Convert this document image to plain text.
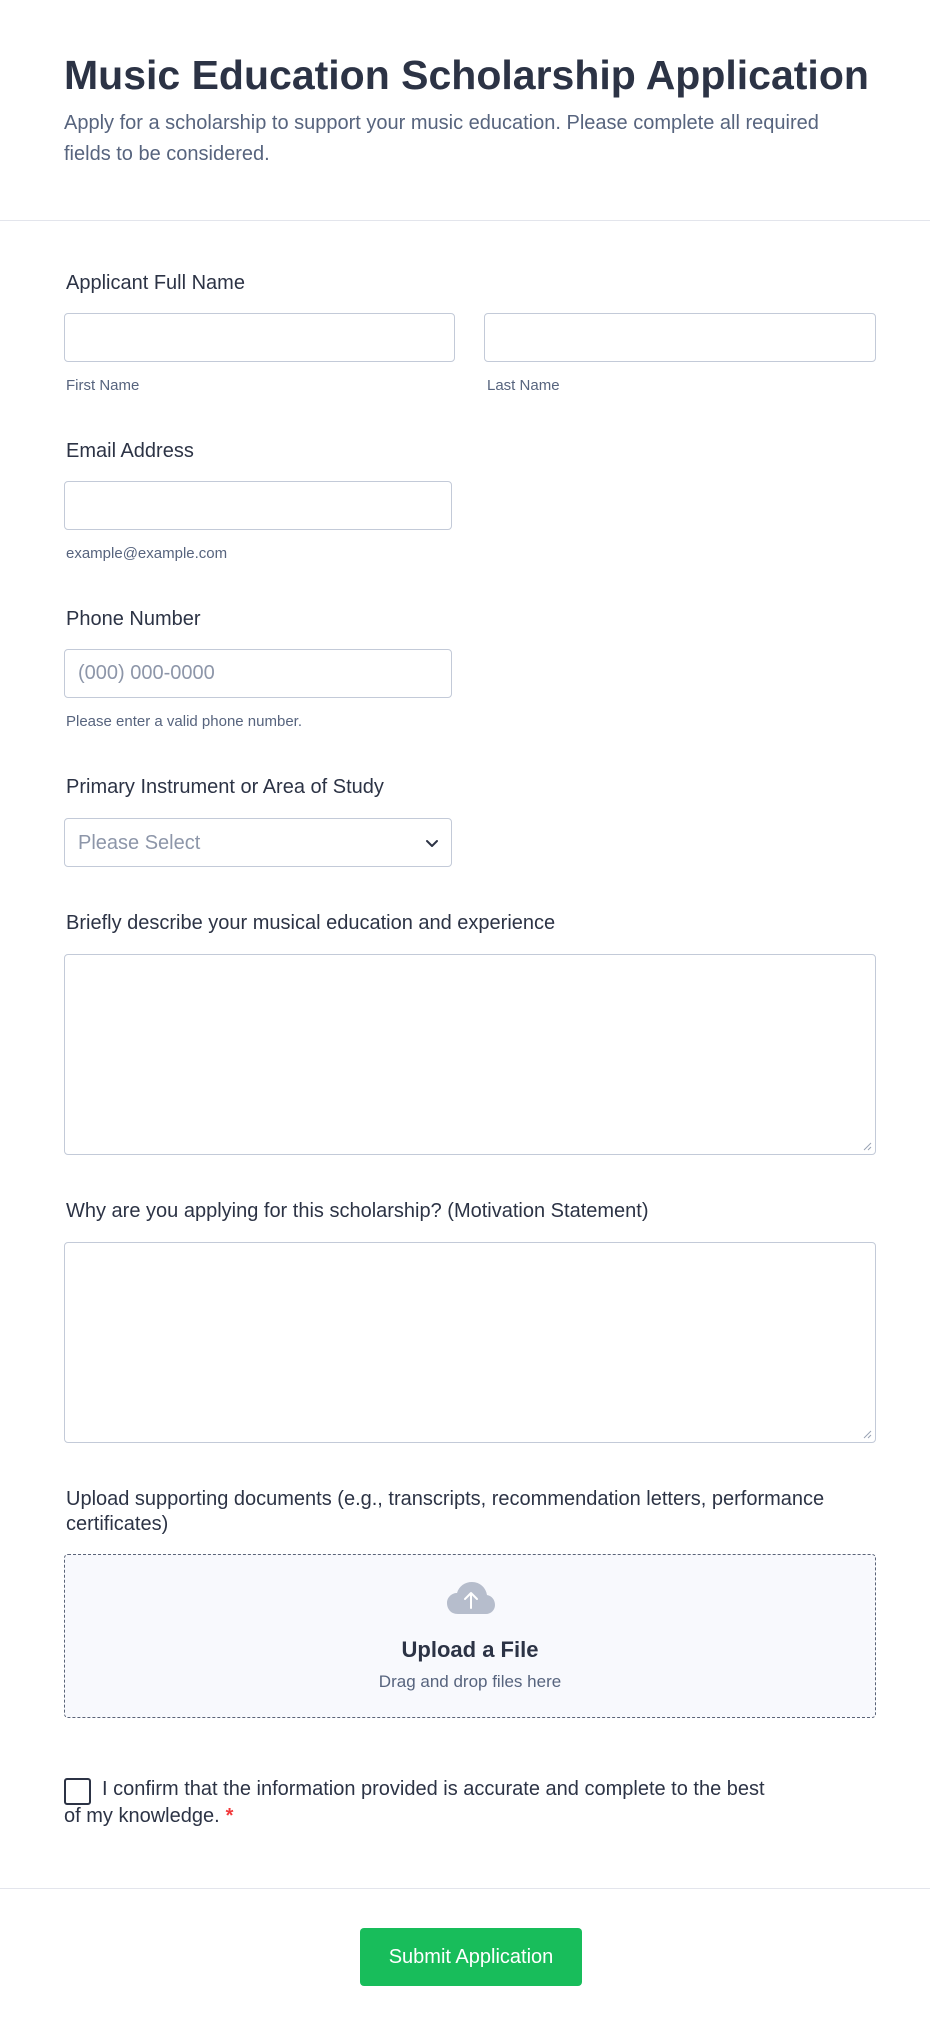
Music Education Scholarship Application

Apply for a scholarship to support your music education. Please complete all required fields to be considered.

Applicant Full Name
First Name	Last Name
Email Address
example@example.com
Phone Number
(000) 000-0000
Please enter a valid phone number.
Primary Instrument or Area of Study
Please Select
Briefly describe your musical education and experience
Why are you applying for this scholarship? (Motivation Statement)
Upload supporting documents (e.g., transcripts, recommendation letters, performance certificates)
Upload a File
Drag and drop files here
I confirm that the information provided is accurate and complete to the best of my knowledge. *
Submit Application
